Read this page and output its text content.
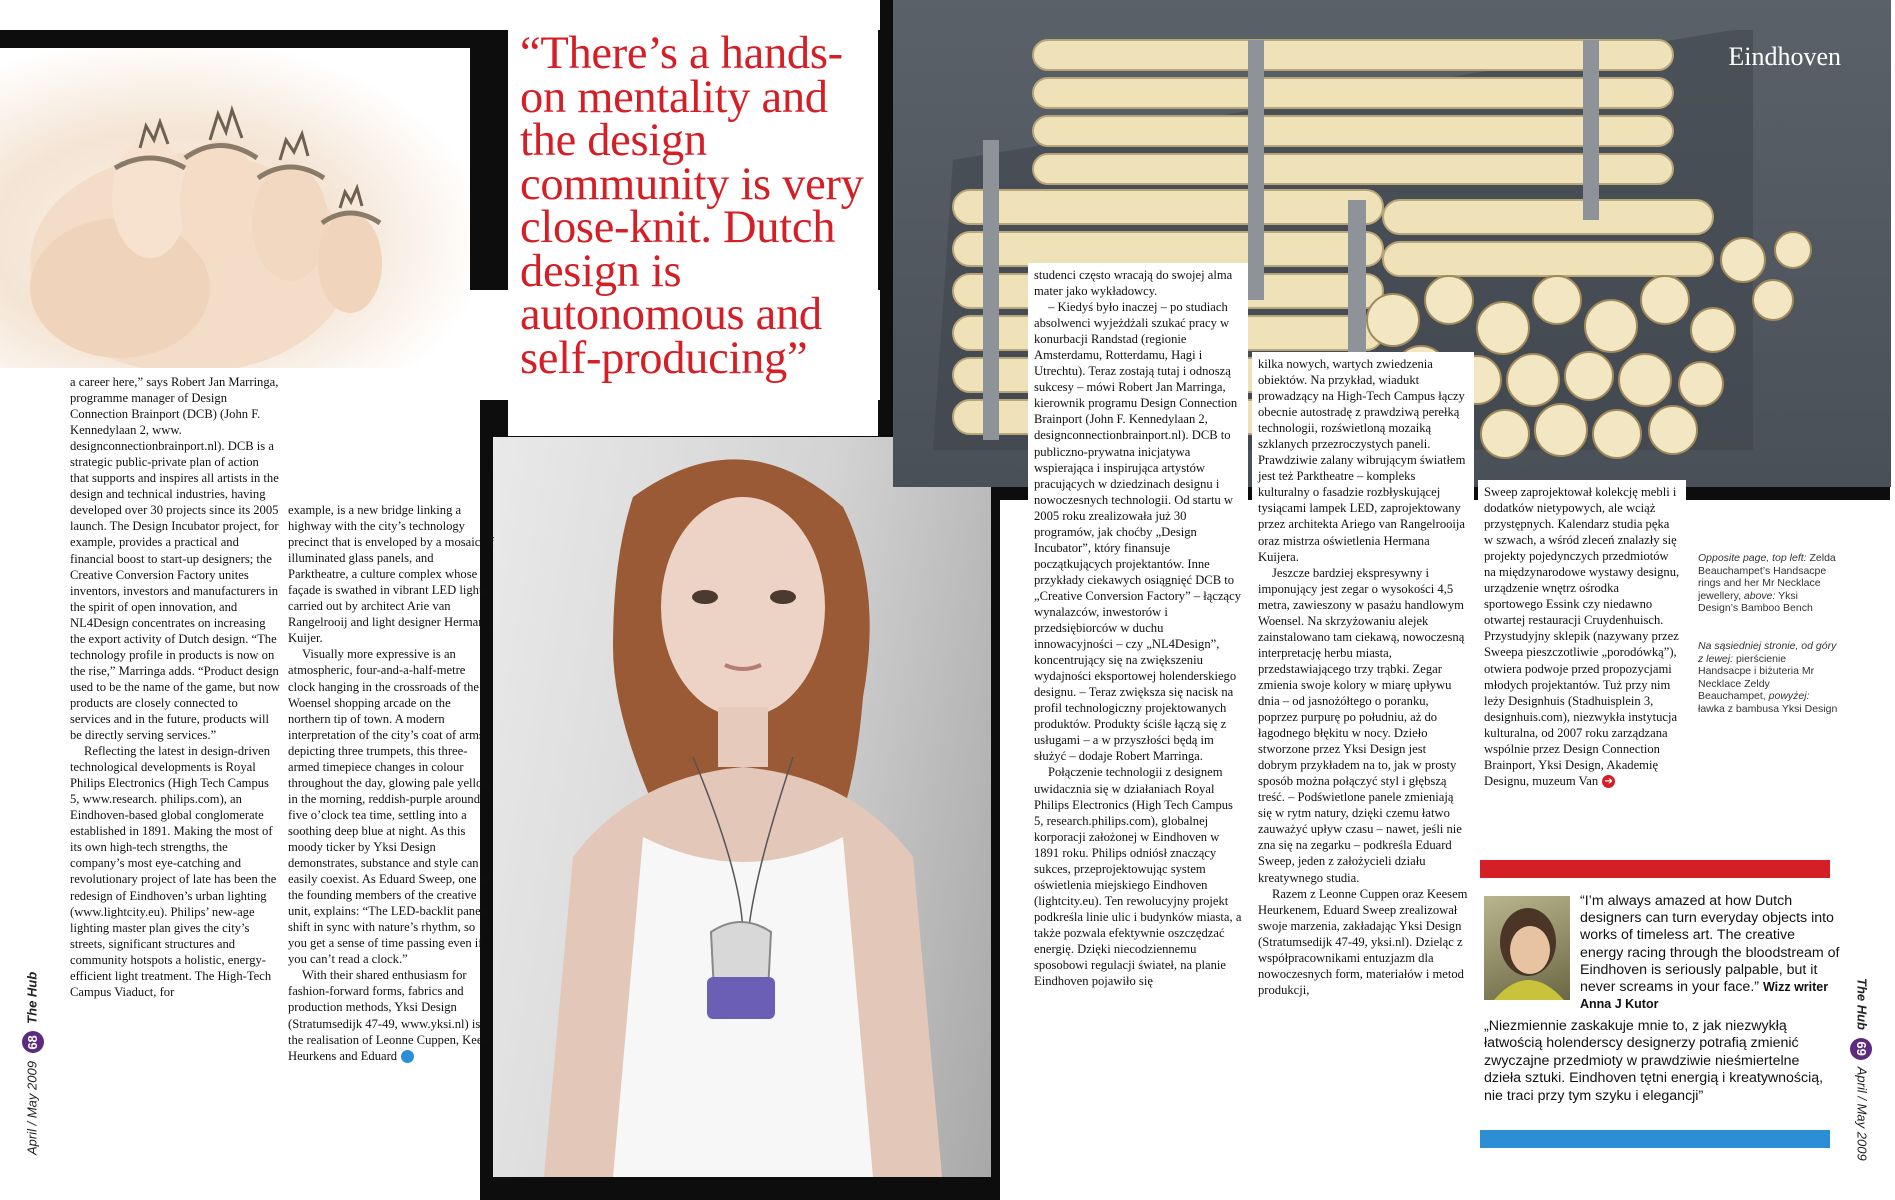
“There’s a hands-on mentality and the design community is very close-knit. Dutch design is autonomous and self-producing”
Eindhoven
April / May 2009 68 The Hub

a career here,” says Robert Jan Marringa, programme manager of Design Connection Brainport (DCB) (John F. Kennedylaan 2, www. designconnectionbrainport.nl). DCB is a strategic public-private plan of action that supports and inspires all artists in the design and technical industries, having developed over 30 projects since its 2005 launch. The Design Incubator project, for example, provides a practical and financial boost to start-up designers; the Creative Conversion Factory unites inventors, investors and manufacturers in the spirit of open innovation, and NL4Design concentrates on increasing the export activity of Dutch design. “The technology profile in products is now on the rise,” Marringa adds. “Product design used to be the name of the game, but now products are closely connected to services and in the future, products will be directly serving services.”

Reflecting the latest in design-driven technological developments is Royal Philips Electronics (High Tech Campus 5, www.research. philips.com), an Eindhoven-based global conglomerate established in 1891. Making the most of its own high-tech strengths, the company’s most eye-catching and revolutionary project of late has been the redesign of Eindhoven’s urban lighting (www.lightcity.eu). Philips’ new-age lighting master plan gives the city’s streets, significant structures and community hotspots a holistic, energy-efficient light treatment. The High-Tech Campus Viaduct, for

example, is a new bridge linking a highway with the city’s technology precinct that is enveloped by a mosaic of illuminated glass panels, and Parktheatre, a culture complex whose façade is swathed in vibrant LED lights carried out by architect Arie van Rangelrooij and light designer Herman Kuijer.

Visually more expressive is an atmospheric, four-and-a-half-metre clock hanging in the crossroads of the Woensel shopping arcade on the northern tip of town. A modern interpretation of the city’s coat of arms depicting three trumpets, this three-armed timepiece changes in colour throughout the day, glowing pale yellow in the morning, reddish-purple around five o’clock tea time, settling into a soothing deep blue at night. As this moody ticker by Yksi Design demonstrates, substance and style can easily coexist. As Eduard Sweep, one of the founding members of the creative unit, explains: “The LED-backlit panels shift in sync with nature’s rhythm, so you get a sense of time passing even if you can’t read a clock.”

With their shared enthusiasm for fashion-forward forms, fabrics and production methods, Yksi Design (Stratumsedijk 47-49, www.yksi.nl) is the realisation of Leonne Cuppen, Kees Heurkens and Eduard ➔

studenci często wracają do swojej alma mater jako wykładowcy.

– Kiedyś było inaczej – po studiach absolwenci wyjeżdżali szukać pracy w konurbacji Randstad (regionie Amsterdamu, Rotterdamu, Hagi i Utrechtu). Teraz zostają tutaj i odnoszą sukcesy – mówi Robert Jan Marringa, kierownik programu Design Connection Brainport (John F. Kennedylaan 2, designconnectionbrainport.nl). DCB to publiczno-prywatna inicjatywa wspierająca i inspirująca artystów pracujących w dziedzinach designu i nowoczesnych technologii. Od startu w 2005 roku zrealizowała już 30 programów, jak choćby „Design Incubator”, który finansuje początkujących projektantów. Inne przykłady ciekawych osiągnięć DCB to „Creative Conversion Factory” – łączący wynalazców, inwestorów i przedsiębiorców w duchu innowacyjności – czy „NL4Design”, koncentrujący się na zwiększeniu wydajności eksportowej holenderskiego designu. – Teraz zwiększa się nacisk na profil technologiczny projektowanych produktów. Produkty ściśle łączą się z usługami – a w przyszłości będą im służyć – dodaje Robert Marringa.

Połączenie technologii z designem uwidacznia się w działaniach Royal Philips Electronics (High Tech Campus 5, research.philips.com), globalnej korporacji założonej w Eindhoven w 1891 roku. Philips odniósł znaczący sukces, przeprojektowując system oświetlenia miejskiego Eindhoven (lightcity.eu). Ten rewolucyjny projekt podkreśla linie ulic i budynków miasta, a także pozwala efektywnie oszczędzać energię. Dzięki niecodziennemu sposobowi regulacji świateł, na planie Eindhoven pojawiło się

kilka nowych, wartych zwiedzenia obiektów. Na przykład, wiadukt prowadzący na High-Tech Campus łączy obecnie autostradę z prawdziwą perełką technologii, rozświetloną mozaiką szklanych przezroczystych paneli. Prawdziwie zalany wibrującym światłem jest też Parktheatre – kompleks kulturalny o fasadzie rozbłyskującej tysiącami lampek LED, zaprojektowany przez architekta Ariego van Rangelrooija oraz mistrza oświetlenia Hermana Kuijera.

Jeszcze bardziej ekspresywny i imponujący jest zegar o wysokości 4,5 metra, zawieszony w pasażu handlowym Woensel. Na skrzyżowaniu alejek zainstalowano tam ciekawą, nowoczesną interpretację herbu miasta, przedstawiającego trzy trąbki. Zegar zmienia swoje kolory w miarę upływu dnia – od jasnożółtego o poranku, poprzez purpurę po południu, aż do łagodnego błękitu w nocy. Dzieło stworzone przez Yksi Design jest dobrym przykładem na to, jak w prosty sposób można połączyć styl i głębszą treść. – Podświetlone panele zmieniają się w rytm natury, dzięki czemu łatwo zauważyć upływ czasu – nawet, jeśli nie zna się na zegarku – podkreśla Eduard Sweep, jeden z założycieli działu kreatywnego studia.

Razem z Leonne Cuppen oraz Keesem Heurkenem, Eduard Sweep zrealizował swoje marzenia, zakładając Yksi Design (Stratumsedijk 47-49, yksi.nl). Dzieląc z współpracownikami entuzjazm dla nowoczesnych form, materiałów i metod produkcji,

Sweep zaprojektował kolekcję mebli i dodatków nietypowych, ale wciąż przystępnych. Kalendarz studia pęka w szwach, a wśród zleceń znalazły się projekty pojedynczych przedmiotów na międzynarodowe wystawy designu, urządzenie wnętrz ośrodka sportowego Essink czy niedawno otwartej restauracji Cruydenhuisch. Przystudyjny sklepik (nazywany przez Sweepa pieszczotliwie „porodówką”), otwiera podwoje przed propozycjami młodych projektantów. Tuż przy nim leży Designhuis (Stadhuisplein 3, designhuis.com), niezwykła instytucja kulturalna, od 2007 roku zarządzana wspólnie przez Design Connection Brainport, Yksi Design, Akademię Designu, muzeum Van ➔

Opposite page, top left: Zelda Beauchampet’s Handsacpe rings and her Mr Necklace jewellery, above: Yksi Design’s Bamboo Bench
Na sąsiedniej stronie, od góry z lewej: pierścienie Handsacpe i biżuteria Mr Necklace Zeldy Beauchampet, powyżej: ławka z bambusa Yksi Design
“I’m always amazed at how Dutch designers can turn everyday objects into works of timeless art. The creative energy racing through the bloodstream of Eindhoven is seriously palpable, but it never screams in your face.” Wizz writer Anna J Kutor
„Niezmiennie zaskakuje mnie to, z jak niezwykłą łatwością holenderscy designerzy potrafią zmienić zwyczajne przedmioty w prawdziwie nieśmiertelne dzieła sztuki. Eindhoven tętni energią i kreatywnością, nie traci przy tym szyku i elegancji”
The Hub 69 April / May 2009
